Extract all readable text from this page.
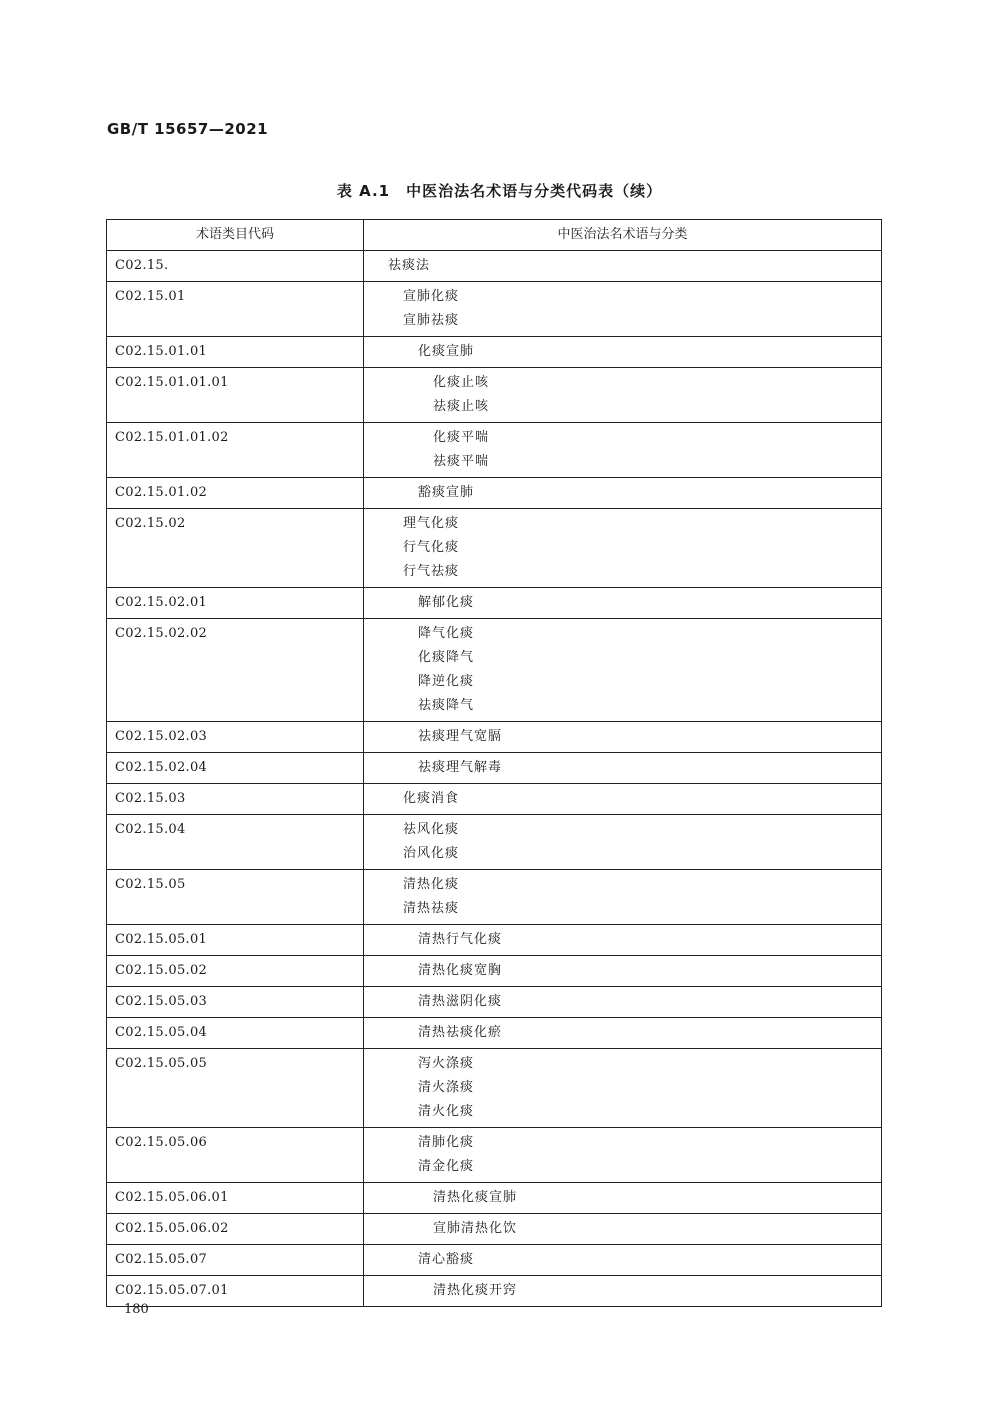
GB/T 15657—2021
表 A.1　中医治法名术语与分类代码表（续）
术语类目代码	中医治法名术语与分类
C02.15.	祛痰法

C02.15.01	宣肺化痰
宣肺祛痰

C02.15.01.01	化痰宣肺

C02.15.01.01.01	化痰止咳
祛痰止咳

C02.15.01.01.02	化痰平喘
祛痰平喘

C02.15.01.02	豁痰宣肺

C02.15.02	理气化痰
行气化痰
行气祛痰

C02.15.02.01	解郁化痰

C02.15.02.02	降气化痰
化痰降气
降逆化痰
祛痰降气

C02.15.02.03	祛痰理气宽膈

C02.15.02.04	祛痰理气解毒

C02.15.03	化痰消食

C02.15.04	祛风化痰
治风化痰

C02.15.05	清热化痰
清热祛痰

C02.15.05.01	清热行气化痰

C02.15.05.02	清热化痰宽胸

C02.15.05.03	清热滋阴化痰

C02.15.05.04	清热祛痰化瘀

C02.15.05.05	泻火涤痰
清火涤痰
清火化痰

C02.15.05.06	清肺化痰
清金化痰

C02.15.05.06.01	清热化痰宣肺

C02.15.05.06.02	宣肺清热化饮

C02.15.05.07	清心豁痰

C02.15.05.07.01	清热化痰开窍
180
